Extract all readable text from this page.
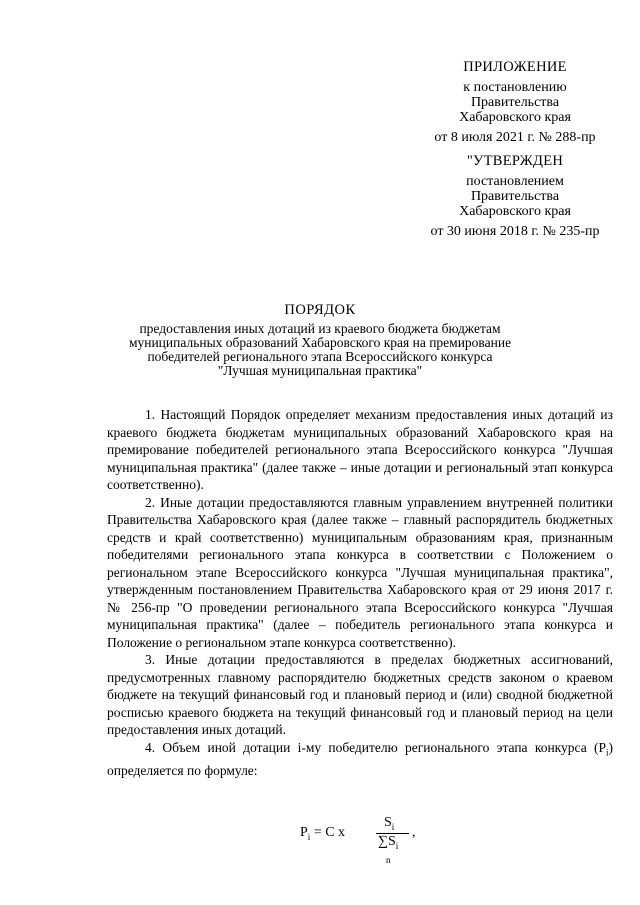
ПРИЛОЖЕНИЕ
к постановлению
Правительства
Хабаровского края
от 8 июля 2021 г. № 288-пр
"УТВЕРЖДЕН
постановлением
Правительства
Хабаровского края
от 30 июня 2018 г. № 235-пр
ПОРЯДОК
предоставления иных дотаций из краевого бюджета бюджетам
муниципальных образований Хабаровского края на премирование
победителей регионального этапа Всероссийского конкурса
"Лучшая муниципальная практика"

1. Настоящий Порядок определяет механизм предоставления иных дотаций из краевого бюджета бюджетам муниципальных образований Хабаровского края на премирование победителей регионального этапа Всероссийского конкурса "Лучшая муниципальная практика" (далее также – иные дотации и региональный этап конкурса соответственно).

2. Иные дотации предоставляются главным управлением внутренней политики Правительства Хабаровского края (далее также – главный распорядитель бюджетных средств и край соответственно) муниципальным образованиям края, признанным победителями регионального этапа конкурса в соответствии с Положением о региональном этапе Всероссийского конкурса "Лучшая муниципальная практика", утвержденным постановлением Правительства Хабаровского края от 29 июня 2017 г. № 256-пр "О проведении регионального этапа Всероссийского конкурса "Лучшая муниципальная практика" (далее – победитель регионального этапа конкурса и Положение о региональном этапе конкурса соответственно).

3. Иные дотации предоставляются в пределах бюджетных ассигнований, предусмотренных главному распорядителю бюджетных средств законом о краевом бюджете на текущий финансовый год и плановый период и (или) сводной бюджетной росписью краевого бюджета на текущий финансовый год и плановый период на цели предоставления иных дотаций.

4. Объем иной дотации i-му победителю регионального этапа конкурса $(P_i)$ определяется по формуле:

$P_i = C$ x
$S_i$
$\sum S_i$
n
,
